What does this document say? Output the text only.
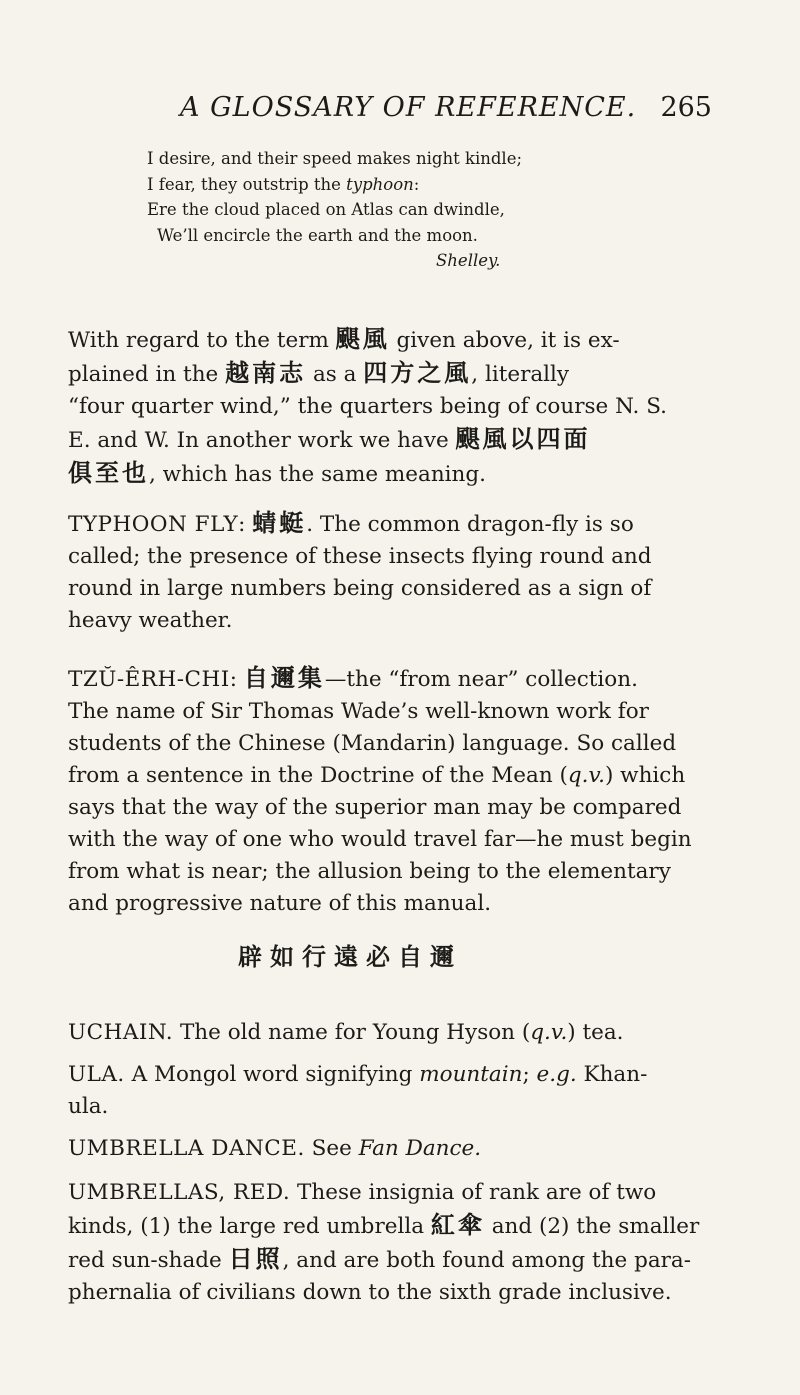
A GLOSSARY OF REFERENCE. 265
I desire, and their speed makes night kindle;
I fear, they outstrip the typhoon:
Ere the cloud placed on Atlas can dwindle,
We’ll encircle the earth and the moon.
Shelley.
With regard to the term 颶風 given above, it is ex-
plained in the 越南志 as a 四方之風, literally
“four quarter wind,” the quarters being of course N. S.
E. and W. In another work we have 颶風以四面
俱至也, which has the same meaning.
TYPHOON FLY: 蜻蜓. The common dragon-fly is so
called; the presence of these insects flying round and
round in large numbers being considered as a sign of
heavy weather.
TZŬ-ÊRH-CHI: 自邇集—the “from near” collection.
The name of Sir Thomas Wade’s well-known work for
students of the Chinese (Mandarin) language. So called
from a sentence in the Doctrine of the Mean (q.v.) which
says that the way of the superior man may be compared
with the way of one who would travel far—he must begin
from what is near; the allusion being to the elementary
and progressive nature of this manual.
辟如行遠必自邇
UCHAIN. The old name for Young Hyson (q.v.) tea.
ULA. A Mongol word signifying mountain; e.g. Khan-
ula.
UMBRELLA DANCE. See Fan Dance.
UMBRELLAS, RED. These insignia of rank are of two
kinds, (1) the large red umbrella 紅傘 and (2) the smaller
red sun-shade 日照, and are both found among the para-
phernalia of civilians down to the sixth grade inclusive.
